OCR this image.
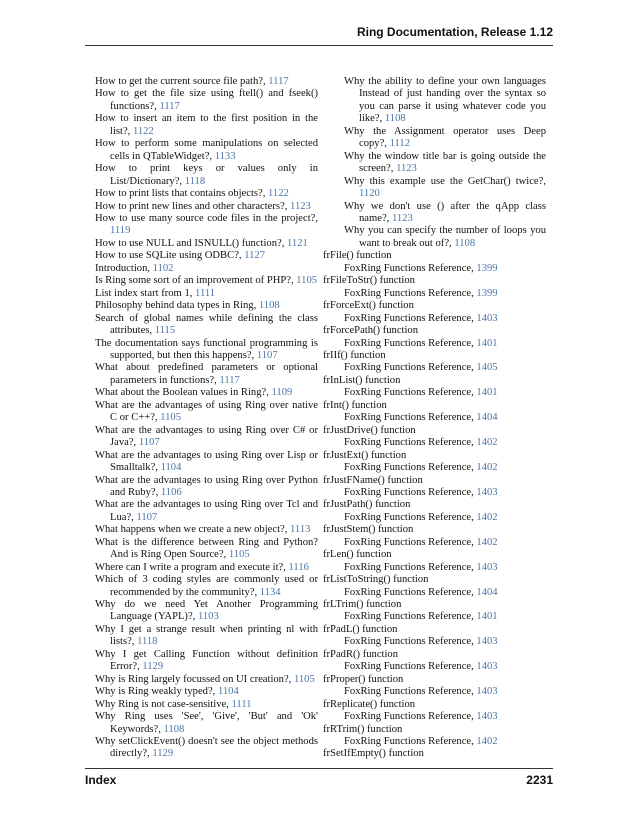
Ring Documentation, Release 1.12
How to get the current source file path?, 1117
How to get the file size using ftell() and fseek() functions?, 1117
How to insert an item to the first position in the list?, 1122
How to perform some manipulations on selected cells in QTableWidget?, 1133
How to print keys or values only in List/Dictionary?, 1118
How to print lists that contains objects?, 1122
How to print new lines and other characters?, 1123
How to use many source code files in the project?, 1119
How to use NULL and ISNULL() function?, 1121
How to use SQLite using ODBC?, 1127
Introduction, 1102
Is Ring some sort of an improvement of PHP?, 1105
List index start from 1, 1111
Philosophy behind data types in Ring, 1108
Search of global names while defining the class attributes, 1115
The documentation says functional programming is supported, but then this happens?, 1107
What about predefined parameters or optional parameters in functions?, 1117
What about the Boolean values in Ring?, 1109
What are the advantages of using Ring over native C or C++?, 1105
What are the advantages to using Ring over C# or Java?, 1107
What are the advantages to using Ring over Lisp or Smalltalk?, 1104
What are the advantages to using Ring over Python and Ruby?, 1106
What are the advantages to using Ring over Tcl and Lua?, 1107
What happens when we create a new object?, 1113
What is the difference between Ring and Python? And is Ring Open Source?, 1105
Where can I write a program and execute it?, 1116
Which of 3 coding styles are commonly used or recommended by the community?, 1134
Why do we need Yet Another Programming Language (YAPL)?, 1103
Why I get a strange result when printing nl with lists?, 1118
Why I get Calling Function without definition Error?, 1129
Why is Ring largely focussed on UI creation?, 1105
Why is Ring weakly typed?, 1104
Why Ring is not case-sensitive, 1111
Why Ring uses 'See', 'Give', 'But' and 'Ok' Keywords?, 1108
Why setClickEvent() doesn't see the object methods directly?, 1129
Why the ability to define your own languages Instead of just handing over the syntax so you can parse it using whatever code you like?, 1108
Why the Assignment operator uses Deep copy?, 1112
Why the window title bar is going outside the screen?, 1123
Why this example use the GetChar() twice?, 1120
Why we don't use () after the qApp class name?, 1123
Why you can specify the number of loops you want to break out of?, 1108
frFile() function
FoxRing Functions Reference, 1399
frFileToStr() function
FoxRing Functions Reference, 1399
frForceExt() function
FoxRing Functions Reference, 1403
frForcePath() function
FoxRing Functions Reference, 1401
frIIf() function
FoxRing Functions Reference, 1405
frInList() function
FoxRing Functions Reference, 1401
frInt() function
FoxRing Functions Reference, 1404
frJustDrive() function
FoxRing Functions Reference, 1402
frJustExt() function
FoxRing Functions Reference, 1402
frJustFName() function
FoxRing Functions Reference, 1403
frJustPath() function
FoxRing Functions Reference, 1402
frJustStem() function
FoxRing Functions Reference, 1402
frLen() function
FoxRing Functions Reference, 1403
frListToString() function
FoxRing Functions Reference, 1404
frLTrim() function
FoxRing Functions Reference, 1401
frPadL() function
FoxRing Functions Reference, 1403
frPadR() function
FoxRing Functions Reference, 1403
frProper() function
FoxRing Functions Reference, 1403
frReplicate() function
FoxRing Functions Reference, 1403
frRTrim() function
FoxRing Functions Reference, 1402
frSetIfEmpty() function
Index	2231
